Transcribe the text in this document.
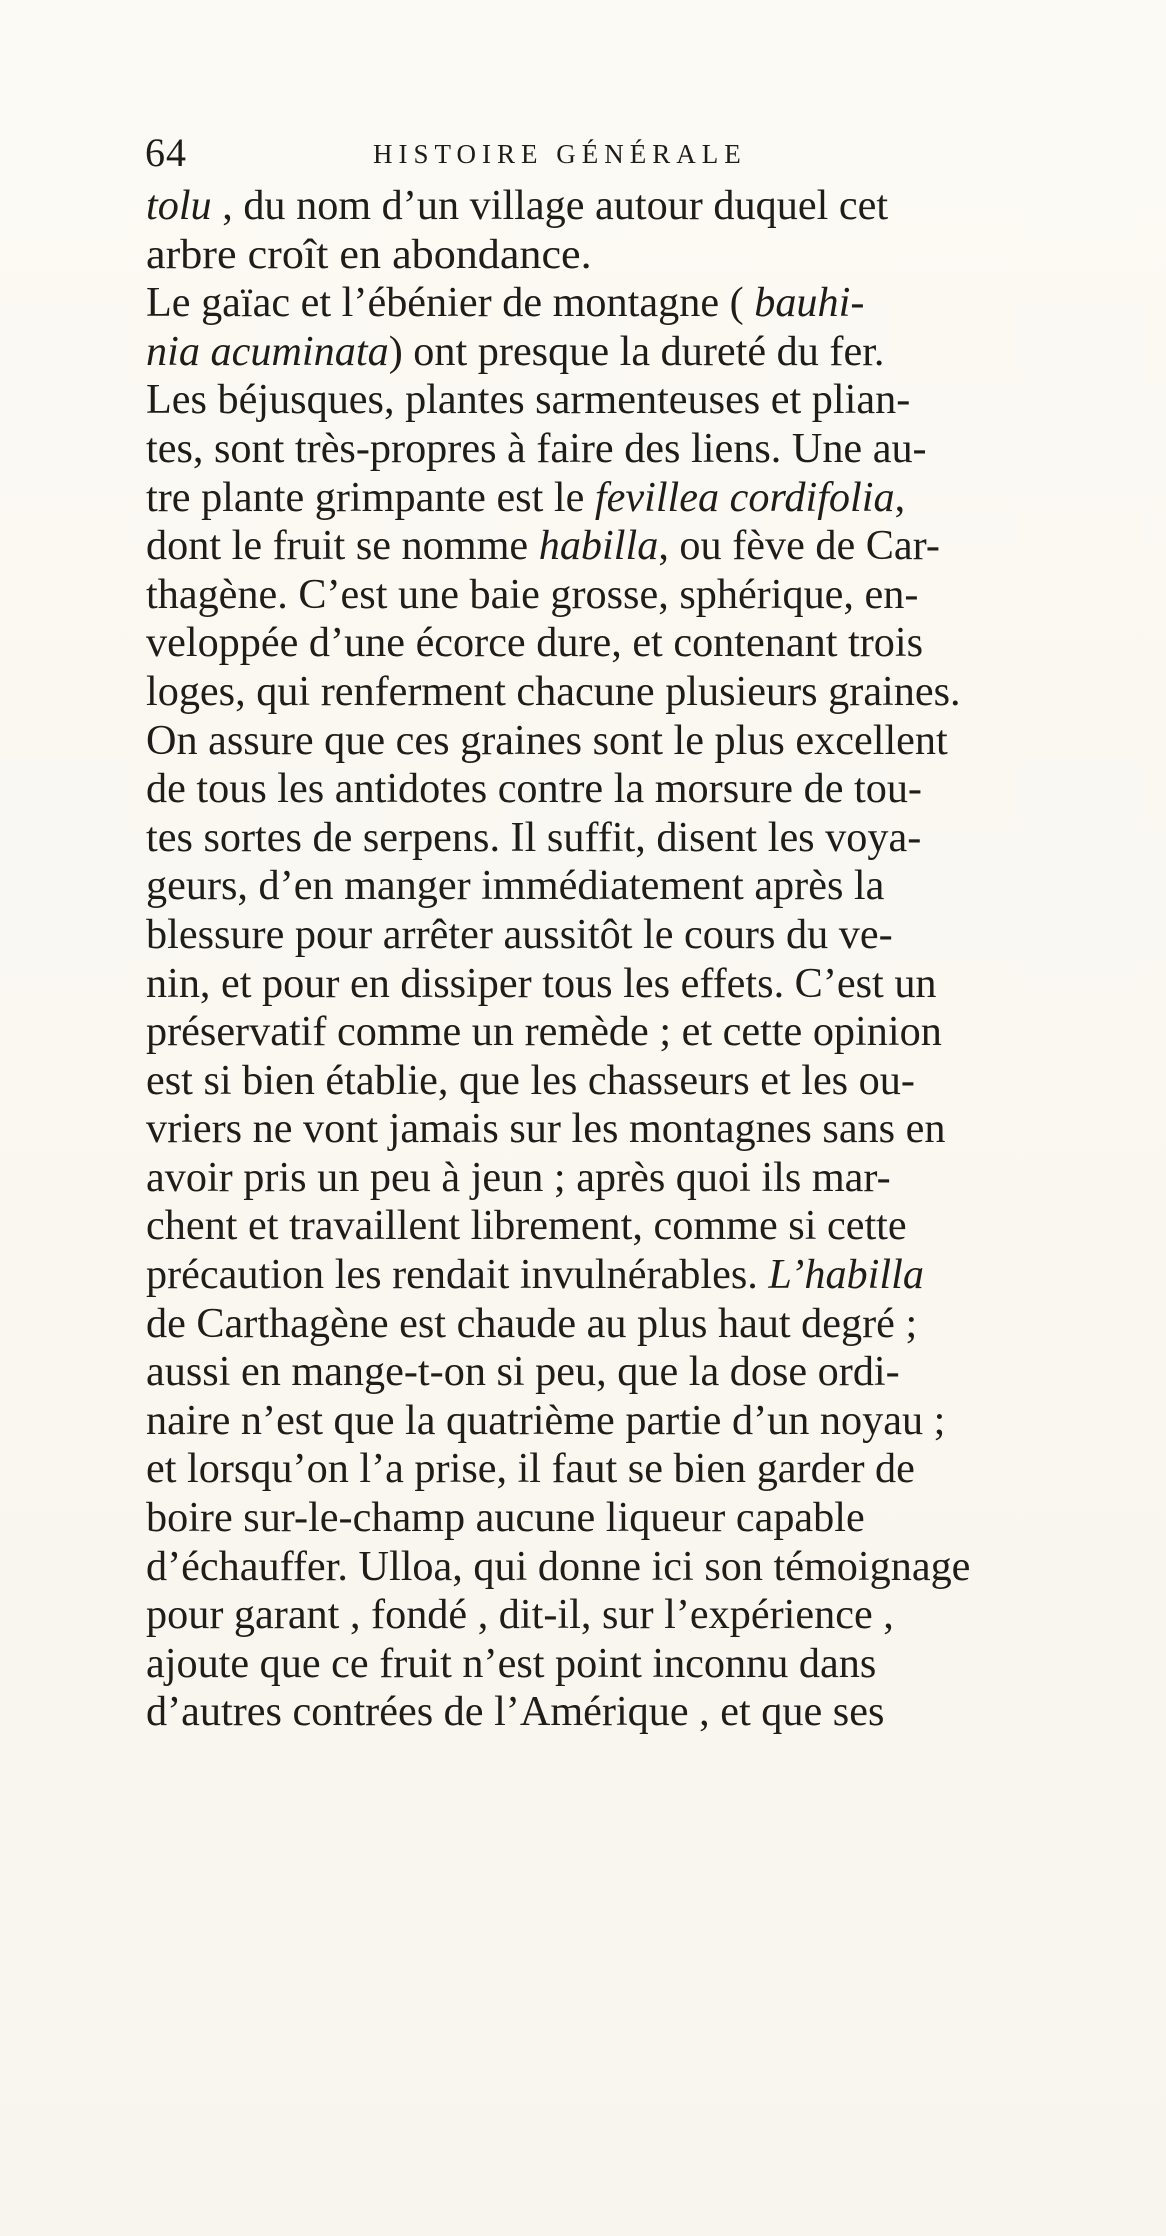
64	HISTOIRE GÉNÉRALE
tolu , du nom d’un village autour duquel cet
arbre croît en abondance.
Le gaïac et l’ébénier de montagne ( bauhi-
nia acuminata) ont presque la dureté du fer.
Les béjusques, plantes sarmenteuses et plian-
tes, sont très-propres à faire des liens. Une au-
tre plante grimpante est le fevillea cordifolia,
dont le fruit se nomme habilla, ou fève de Car-
thagène. C’est une baie grosse, sphérique, en-
veloppée d’une écorce dure, et contenant trois
loges, qui renferment chacune plusieurs graines.
On assure que ces graines sont le plus excellent
de tous les antidotes contre la morsure de tou-
tes sortes de serpens. Il suffit, disent les voya-
geurs, d’en manger immédiatement après la
blessure pour arrêter aussitôt le cours du ve-
nin, et pour en dissiper tous les effets. C’est un
préservatif comme un remède ; et cette opinion
est si bien établie, que les chasseurs et les ou-
vriers ne vont jamais sur les montagnes sans en
avoir pris un peu à jeun ; après quoi ils mar-
chent et travaillent librement, comme si cette
précaution les rendait invulnérables. L’habilla
de Carthagène est chaude au plus haut degré ;
aussi en mange-t-on si peu, que la dose ordi-
naire n’est que la quatrième partie d’un noyau ;
et lorsqu’on l’a prise, il faut se bien garder de
boire sur-le-champ aucune liqueur capable
d’échauffer. Ulloa, qui donne ici son témoignage
pour garant , fondé , dit-il, sur l’expérience ,
ajoute que ce fruit n’est point inconnu dans
d’autres contrées de l’Amérique , et que ses
